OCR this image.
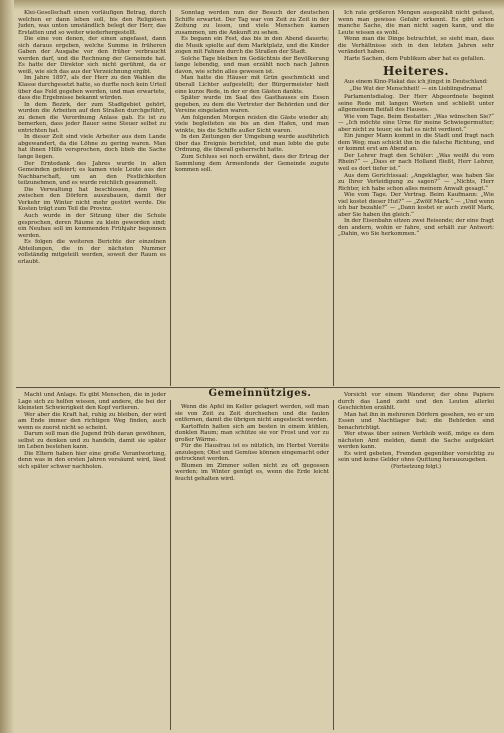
Klei-Gesellschaft einen vorläufigen Betrag, durch welchen er dann leben soll, bis den Religiösen Juden, was unten umständlich belegt der Herr, das Erstatten und so weiter wiederhergestellt.

Die eine von denen, der einen angefasst, dann sich daraus ergeben, welche Summe in früheren Gaben der Ausgabe vor den früher verbraucht werden darf, und die Rechnung der Gemeinde hat. Es hatte der Direktor sich nicht gerühmt, da er weiß, wie sich das aus der Verzeichnung ergibt.

Im Jahre 1897, als der Herr zu den Wahlen die Klasse durchgesetzt hatte, so durfte noch kein Urteil über das Feld gegeben werden, und man erwartete, dass die Ergebnisse bekannt würden.

In dem Bezirk, der zum Stadtgebiet gehört, wurden die Arbeiten auf den Straßen durchgeführt, zu denen die Verordnung Anlass gab. Es ist zu bemerken, dass jeder Bauer seine Steuer selbst zu entrichten hat.

In dieser Zeit sind viele Arbeiter aus dem Lande abgewandert, da die Löhne zu gering waren. Man hat ihnen Hilfe versprochen, doch blieb die Sache lange liegen.

Der Erntedank des Jahres wurde in allen Gemeinden gefeiert; es kamen viele Leute aus der Nachbarschaft, um an den Festlichkeiten teilzunehmen, und es wurde reichlich gesammelt.

Die Verwaltung hat beschlossen, den Weg zwischen den Dörfern auszubauen, damit der Verkehr im Winter nicht mehr gestört werde. Die Kosten trägt zum Teil die Provinz.

Auch wurde in der Sitzung über die Schule gesprochen, deren Räume zu klein geworden sind; ein Neubau soll im kommenden Frühjahr begonnen werden.

Es folgen die weiteren Berichte der einzelnen Abteilungen, die in der nächsten Nummer vollständig mitgeteilt werden, soweit der Raum es erlaubt.

Sonntag werden nun der Besuch der deutschen Schiffe erwartet. Der Tag war von Zeit zu Zeit in der Zeitung zu lesen, und viele Menschen kamen zusammen, um die Ankunft zu sehen.

Es begann ein Fest, das bis in den Abend dauerte; die Musik spielte auf dem Marktplatz, und die Kinder zogen mit Fahnen durch die Straßen der Stadt.

Solche Tage bleiben im Gedächtnis der Bevölkerung lange lebendig, und man erzählt noch nach Jahren davon, wie schön alles gewesen ist.

Man hatte die Häuser mit Grün geschmückt und überall Lichter aufgestellt; der Bürgermeister hielt eine kurze Rede, in der er den Gästen dankte.

Später wurde im Saal des Gasthauses ein Essen gegeben, zu dem die Vertreter der Behörden und der Vereine eingeladen waren.

Am folgenden Morgen reisten die Gäste wieder ab; viele begleiteten sie bis an den Hafen, und man winkte, bis die Schiffe außer Sicht waren.

In den Zeitungen der Umgebung wurde ausführlich über das Ereignis berichtet, und man lobte die gute Ordnung, die überall geherrscht hatte.

Zum Schluss sei noch erwähnt, dass der Ertrag der Sammlung dem Armenfonds der Gemeinde zugute kommen soll.

Ich rate größeren Mengen ausgezählt nicht gefasst, wenn man gewisse Gefahr erkennt. Es gibt schon manche Sache, die man nicht sagen kann, und die Leute wissen es wohl.

Wenn man die Dinge betrachtet, so sieht man, dass die Verhältnisse sich in den letzten Jahren sehr verändert haben.

Harte Sachen, dem Publikum aber hat es gefallen.

Heiteres.
Aus einem Kino-Plakat das ich jüngst in Deutschland: „Die Wut der Menschheit! — ein Lieblingsdrama!

Parlamentsdialog. Der Herr Abgeordnete beginnt seine Rede mit langen Worten und schließt unter allgemeinem Beifall des Hauses.

Wie vom Tage. Beim Bestatter: „Was wünschen Sie?“ — „Ich möchte eine Urne für meine Schwiegermutter; aber nicht zu teuer, sie hat es nicht verdient.“

Ein junger Mann kommt in die Stadt und fragt nach dem Weg; man schickt ihn in die falsche Richtung, und er kommt erst am Abend an.

Der Lehrer fragt den Schüler: „Was weißt du vom Rhein?“ — „Dass er nach Holland fließt, Herr Lehrer, weil es dort tiefer ist.“

Aus dem Gerichtssaal: „Angeklagter, was haben Sie zu Ihrer Verteidigung zu sagen?“ — „Nichts, Herr Richter, ich habe schon alles meinem Anwalt gesagt.“

Wie vom Tage. Der Vertrag. Beim Kaufmann: „Wie viel kostet dieser Hut?“ — „Zwölf Mark.“ — „Und wenn ich bar bezahle?“ — „Dann kostet er auch zwölf Mark, aber Sie haben ihn gleich.“

In der Eisenbahn sitzen zwei Reisende; der eine fragt den andern, wohin er fahre, und erhält zur Antwort: „Dahin, wo Sie herkommen.“

Gemeinnütziges.

Macht und Anlage. Es gibt Menschen, die in jeder Lage sich zu helfen wissen, und andere, die bei der kleinsten Schwierigkeit den Kopf verlieren.

Wer aber die Kraft hat, ruhig zu bleiben, der wird am Ende immer den richtigen Weg finden, auch wenn es zuerst nicht so scheint.

Darum soll man die Jugend früh daran gewöhnen, selbst zu denken und zu handeln, damit sie später im Leben bestehen kann.

Die Eltern haben hier eine große Verantwortung, denn was in den ersten Jahren versäumt wird, lässt sich später schwer nachholen.

Wenn die Äpfel im Keller gelagert werden, soll man sie von Zeit zu Zeit durchsehen und die faulen entfernen, damit die übrigen nicht angesteckt werden.

Kartoffeln halten sich am besten in einem kühlen, dunklen Raum; man schütze sie vor Frost und vor zu großer Wärme.

Für die Hausfrau ist es nützlich, im Herbst Vorräte anzulegen; Obst und Gemüse können eingemacht oder getrocknet werden.

Blumen im Zimmer sollen nicht zu oft gegossen werden; im Winter genügt es, wenn die Erde leicht feucht gehalten wird.

Vorsicht vor einem Wanderer, der ohne Papiere durch das Land zieht und den Leuten allerlei Geschichten erzählt.

Man hat ihn in mehreren Dörfern gesehen, wo er um Essen und Nachtlager bat; die Behörden sind benachrichtigt.

Wer etwas über seinen Verbleib weiß, möge es dem nächsten Amt melden, damit die Sache aufgeklärt werden kann.

Es wird gebeten, Fremden gegenüber vorsichtig zu sein und keine Gelder ohne Quittung herauszugeben.

(Fortsetzung folgt.)
